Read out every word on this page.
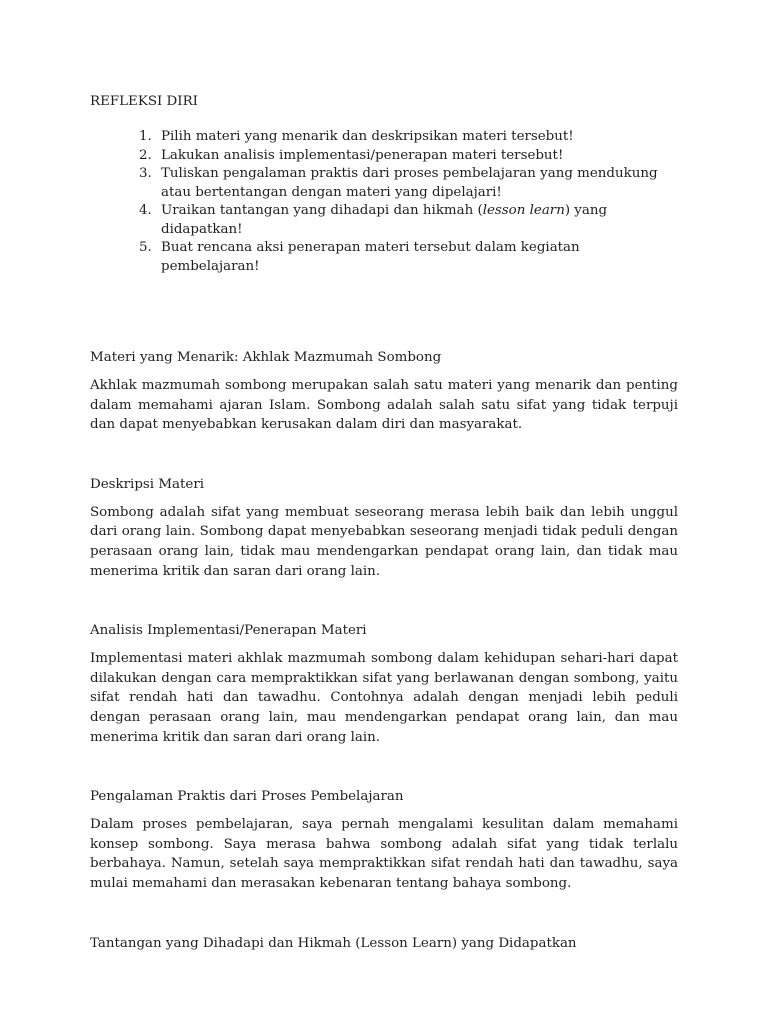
REFLEKSI DIRI
1. Pilih materi yang menarik dan deskripsikan materi tersebut!
2. Lakukan analisis implementasi/penerapan materi tersebut!
3. Tuliskan pengalaman praktis dari proses pembelajaran yang mendukung atau bertentangan dengan materi yang dipelajari!
4. Uraikan tantangan yang dihadapi dan hikmah (lesson learn) yang didapatkan!
5. Buat rencana aksi penerapan materi tersebut dalam kegiatan pembelajaran!
Materi yang Menarik: Akhlak Mazmumah Sombong

Akhlak mazmumah sombong merupakan salah satu materi yang menarik dan penting dalam memahami ajaran Islam. Sombong adalah salah satu sifat yang tidak terpuji dan dapat menyebabkan kerusakan dalam diri dan masyarakat.

Deskripsi Materi

Sombong adalah sifat yang membuat seseorang merasa lebih baik dan lebih unggul dari orang lain. Sombong dapat menyebabkan seseorang menjadi tidak peduli dengan perasaan orang lain, tidak mau mendengarkan pendapat orang lain, dan tidak mau menerima kritik dan saran dari orang lain.

Analisis Implementasi/Penerapan Materi

Implementasi materi akhlak mazmumah sombong dalam kehidupan sehari-hari dapat dilakukan dengan cara mempraktikkan sifat yang berlawanan dengan sombong, yaitu sifat rendah hati dan tawadhu. Contohnya adalah dengan menjadi lebih peduli dengan perasaan orang lain, mau mendengarkan pendapat orang lain, dan mau menerima kritik dan saran dari orang lain.

Pengalaman Praktis dari Proses Pembelajaran

Dalam proses pembelajaran, saya pernah mengalami kesulitan dalam memahami konsep sombong. Saya merasa bahwa sombong adalah sifat yang tidak terlalu berbahaya. Namun, setelah saya mempraktikkan sifat rendah hati dan tawadhu, saya mulai memahami dan merasakan kebenaran tentang bahaya sombong.

Tantangan yang Dihadapi dan Hikmah (Lesson Learn) yang Didapatkan
